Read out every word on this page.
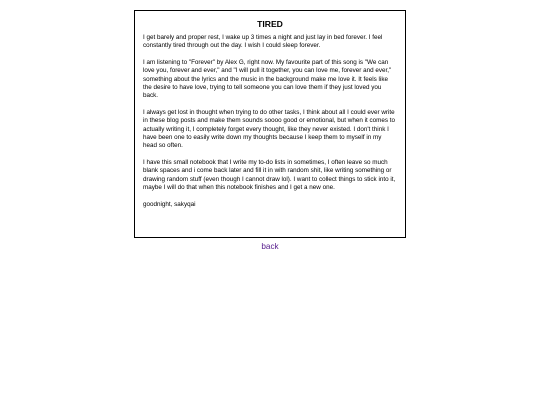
TIRED

I get barely and proper rest, I wake up 3 times a night and just lay in bed forever. I feel constantly tired through out the day. I wish I could sleep forever.

I am listening to "Forever" by Alex G, right now. My favourite part of this song is "We can love you, forever and ever," and "I will pull it together, you can love me, forever and ever," something about the lyrics and the music in the background make me love it. It feels like the desire to have love, trying to tell someone you can love them if they just loved you back.

I always get lost in thought when trying to do other tasks, I think about all I could ever write in these blog posts and make them sounds soooo good or emotional, but when it comes to actually writing it, I completely forget every thought, like they never existed. I don't think I have been one to easily write down my thoughts because I keep them to myself in my head so often.

I have this small notebook that I write my to-do lists in sometimes, I often leave so much blank spaces and i come back later and fill it in with random shit, like writing something or drawing random stuff (even though I cannot draw lol). I want to collect things to stick into it, maybe I will do that when this notebook finishes and I get a new one.

goodnight, sakyqai

back
